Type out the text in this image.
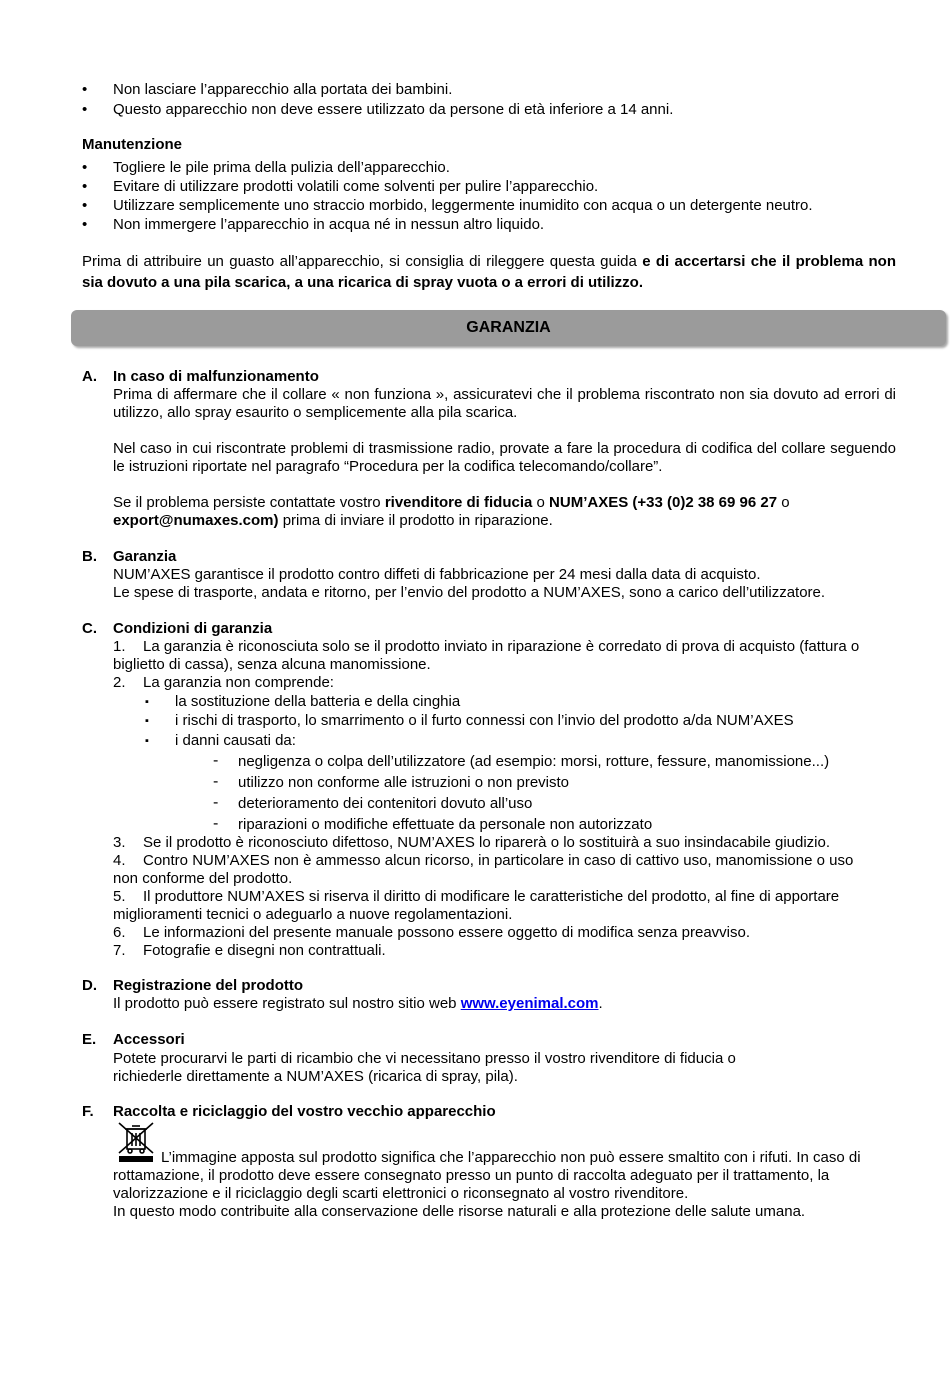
• Non lasciare l’apparecchio alla portata dei bambini.
• Questo apparecchio non deve essere utilizzato da persone di età inferiore a 14 anni.
Manutenzione
• Togliere le pile prima della pulizia dell’apparecchio.
• Evitare di utilizzare prodotti volatili come solventi per pulire l’apparecchio.
• Utilizzare semplicemente uno straccio morbido, leggermente inumidito con acqua o un detergente neutro.
• Non immergere l’apparecchio in acqua né in nessun altro liquido.
Prima di attribuire un guasto all’apparecchio, si consiglia di rileggere questa guida e di accertarsi che il problema non sia dovuto a una pila scarica, a una ricarica di spray vuota o a errori di utilizzo.
GARANZIA
A. In caso di malfunzionamento
Prima di affermare che il collare « non funziona », assicuratevi che il problema riscontrato non sia dovuto ad errori di utilizzo, allo spray esaurito o semplicemente alla pila scarica.
Nel caso in cui riscontrate problemi di trasmissione radio, provate a fare la procedura di codifica del collare seguendo le istruzioni riportate nel paragrafo “Procedura per la codifica telecomando/collare”.
Se il problema persiste contattate vostro rivenditore di fiducia o NUM’AXES (+33 (0)2 38 69 96 27 o
export@numaxes.com) prima di inviare il prodotto in riparazione.
B. Garanzia
NUM’AXES garantisce il prodotto contro diffeti di fabbricazione per 24 mesi dalla data di acquisto.
Le spese di trasporte, andata e ritorno, per l’envio del prodotto a NUM’AXES, sono a carico dell’utilizzatore.
C. Condizioni di garanzia
1. La garanzia è riconosciuta solo se il prodotto inviato in riparazione è corredato di prova di acquisto (fattura o
biglietto di cassa), senza alcuna manomissione.
2. La garanzia non comprende:
▪ la sostituzione della batteria e della cinghia
▪ i rischi di trasporto, lo smarrimento o il furto connessi con l’invio del prodotto a/da NUM’AXES
▪ i danni causati da:
- negligenza o colpa dell’utilizzatore (ad esempio: morsi, rotture, fessure, manomissione...)
- utilizzo non conforme alle istruzioni o non previsto
- deterioramento dei contenitori dovuto all’uso
- riparazioni o modifiche effettuate da personale non autorizzato
3. Se il prodotto è riconosciuto difettoso, NUM’AXES lo riparerà o lo sostituirà a suo insindacabile giudizio.
4. Contro NUM’AXES non è ammesso alcun ricorso, in particolare in caso di cattivo uso, manomissione o uso
non conforme del prodotto.
5. Il produttore NUM’AXES si riserva il diritto di modificare le caratteristiche del prodotto, al fine di apportare
miglioramenti tecnici o adeguarlo a nuove regolamentazioni.
6. Le informazioni del presente manuale possono essere oggetto di modifica senza preavviso.
7. Fotografie e disegni non contrattuali.
D. Registrazione del prodotto
Il prodotto può essere registrato sul nostro sitio web www.eyenimal.com.
E. Accessori
Potete procurarvi le parti di ricambio che vi necessitano presso il vostro rivenditore di fiducia o
richiederle direttamente a NUM’AXES (ricarica di spray, pila).
F. Raccolta e riciclaggio del vostro vecchio apparecchio
L’immagine apposta sul prodotto significa che l’apparecchio non può essere smaltito con i rifuti. In caso di
rottamazione, il prodotto deve essere consegnato presso un punto di raccolta adeguato per il trattamento, la
valorizzazione e il riciclaggio degli scarti elettronici o riconsegnato al vostro rivenditore.
In questo modo contribuite alla conservazione delle risorse naturali e alla protezione delle salute umana.
